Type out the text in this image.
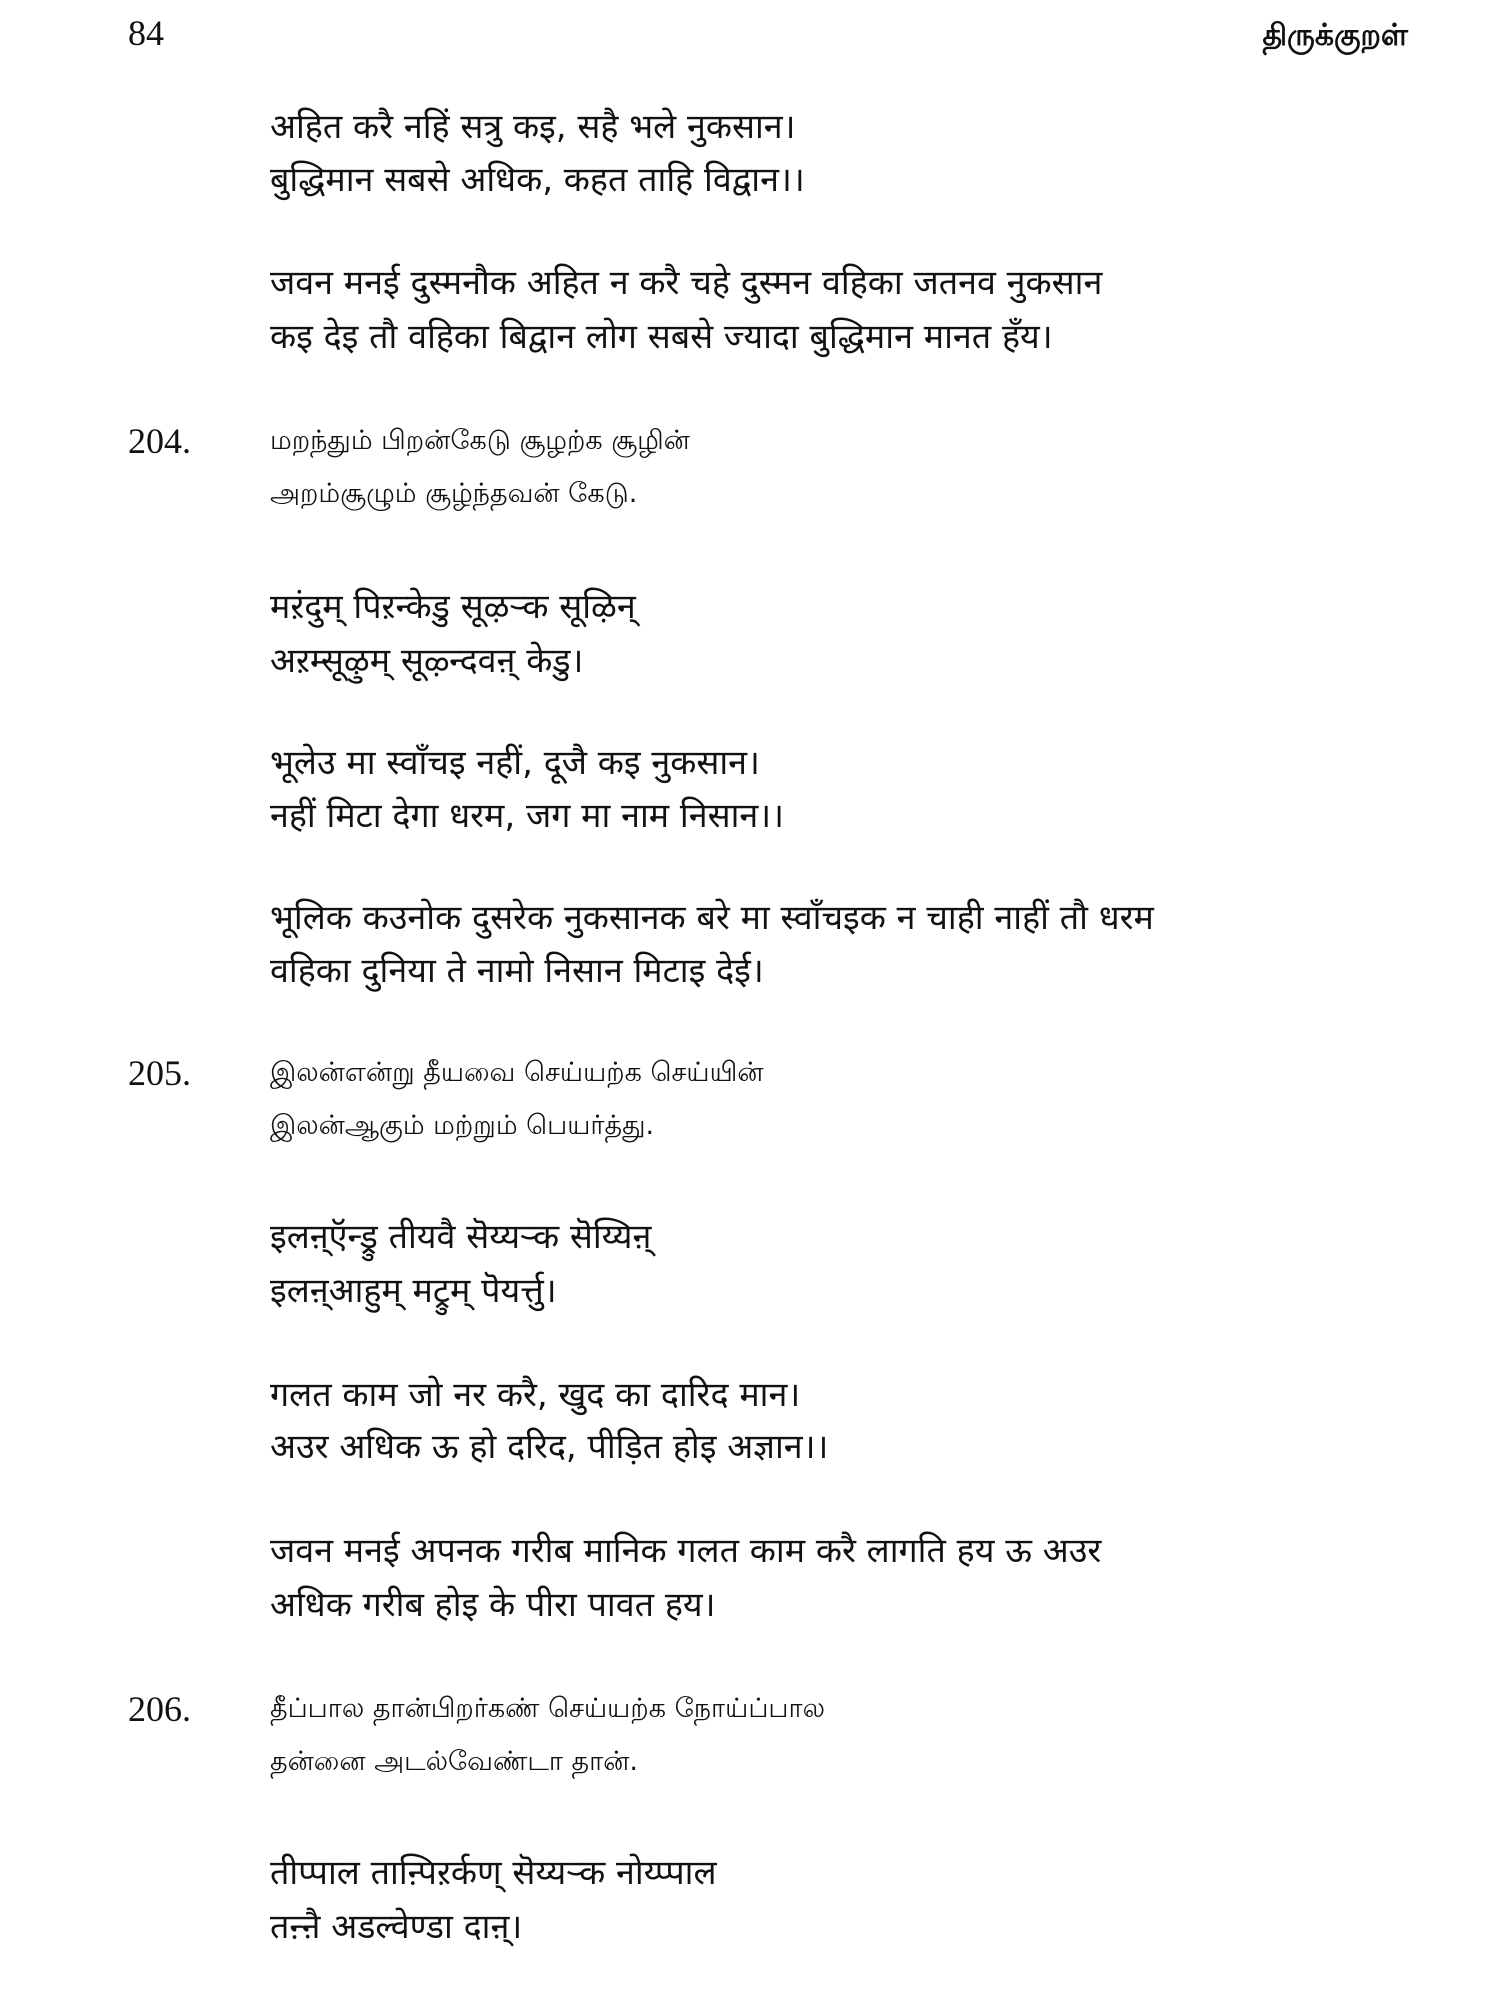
84	திருக்குறள்
अहित करै नहिं सत्रु कइ, सहै भले नुकसान।
बुद्धिमान सबसे अधिक, कहत ताहि विद्वान।।
जवन मनई दुस्मनौक अहित न करै चहे दुस्मन वहिका जतनव नुकसान
कइ देइ तौ वहिका बिद्वान लोग सबसे ज्यादा बुद्धिमान मानत हँय।
204.	மறந்தும் பிறன்கேடு சூழற்க சூழின்
அறம்சூழும் சூழ்ந்தவன் கேடு.
मऱंदुम् पिऱन्केडु सूऴऱ्क सूऴिन्
अऱम्सूऴुम् सूऴ्न्दवऩ् केडु।
भूलेउ मा स्वाँचइ नहीं, दूजै कइ नुकसान।
नहीं मिटा देगा धरम, जग मा नाम निसान।।
भूलिक कउनोक दुसरेक नुकसानक बरे मा स्वाँचइक न चाही नाहीं तौ धरम
वहिका दुनिया ते नामो निसान मिटाइ देई।
205.	இலன்என்று தீயவை செய்யற்க செய்யின்
இலன்ஆகும் மற்றும் பெயர்த்து.
इलऩ्ऍन्ड्रु तीयवै सॆय्यऱ्क सॆय्यिऩ्
इलऩ्आहुम् मट्रुम् पॆयर्त्तु।
गलत काम जो नर करै, खुद का दारिद मान।
अउर अधिक ऊ हो दरिद, पीड़ित होइ अज्ञान।।
जवन मनई अपनक गरीब मानिक गलत काम करै लागति हय ऊ अउर
अधिक गरीब होइ के पीरा पावत हय।
206.	தீப்பால தான்பிறர்கண் செய்யற்க நோய்ப்பால
தன்னை அடல்வேண்டா தான்.
तीप्पाल ताऩ्पिऱर्कण् सॆय्यऱ्क नोय्प्पाल
तऩ्ऩै अडल्वेण्डा दाऩ्।
